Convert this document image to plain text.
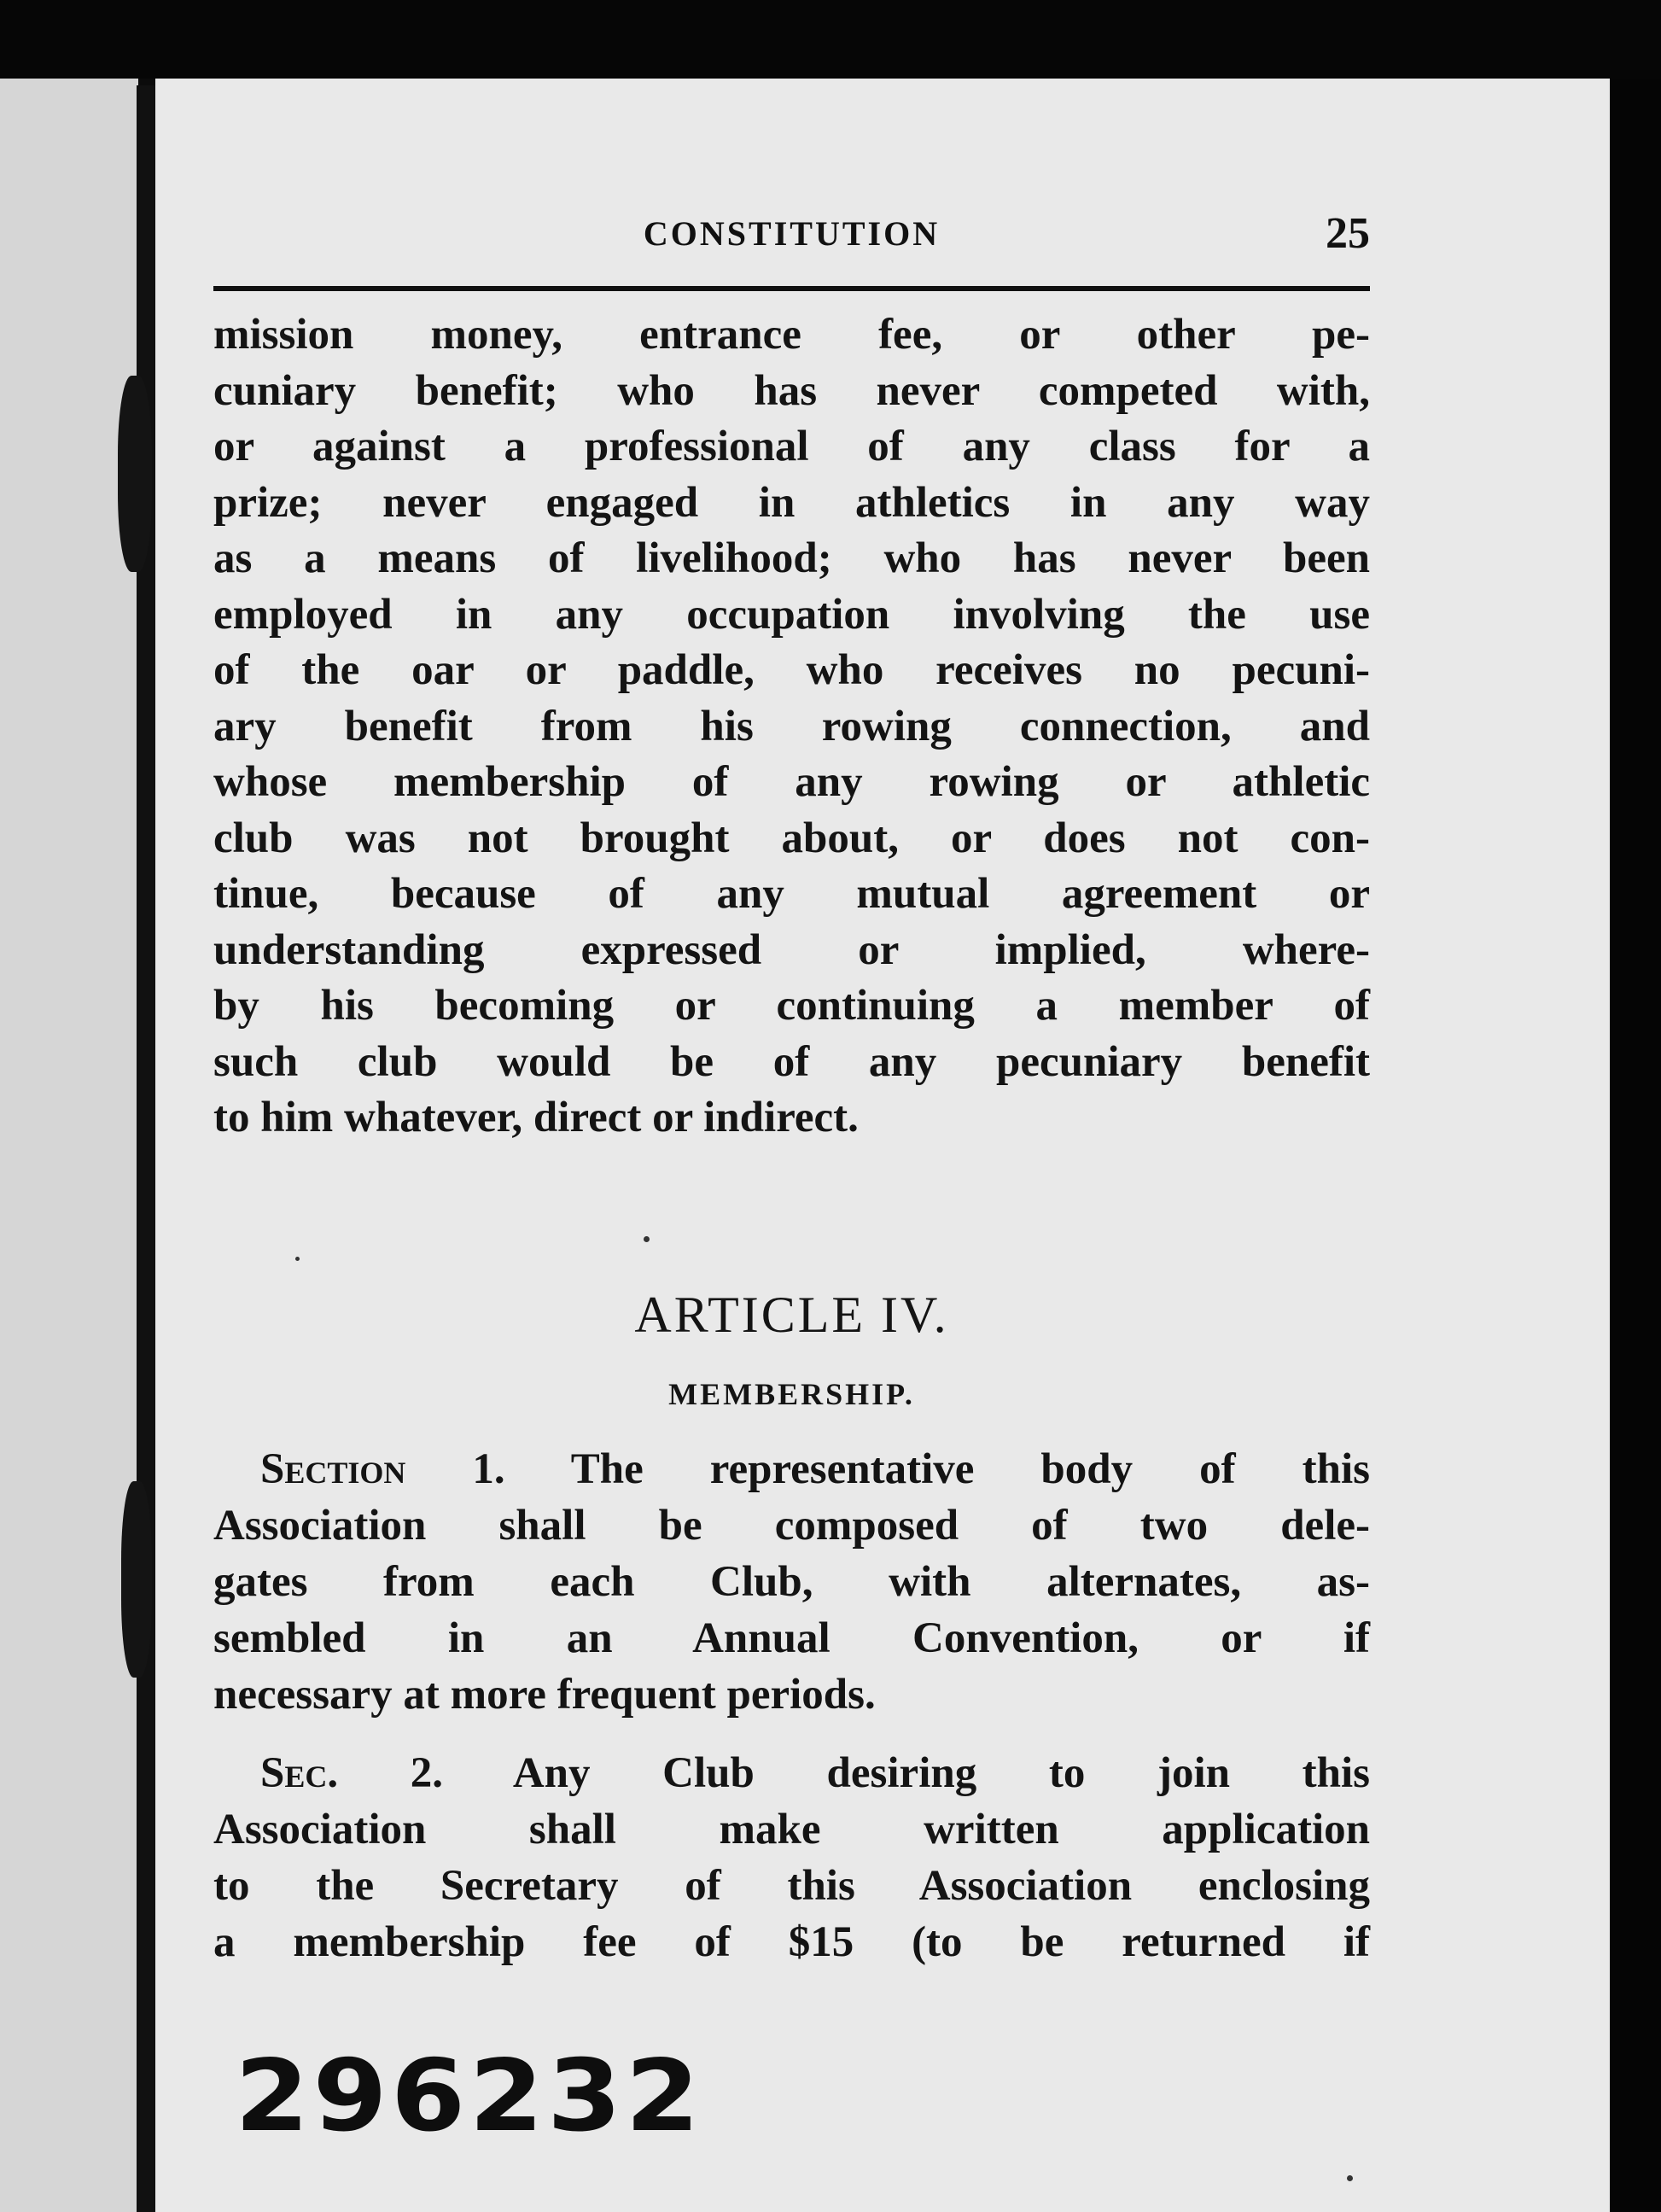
CONSTITUTION	25
mission money, entrance fee, or other pe-
cuniary benefit; who has never competed with,
or against a professional of any class for a
prize; never engaged in athletics in any way
as a means of livelihood; who has never been
employed in any occupation involving the use
of the oar or paddle, who receives no pecuni-
ary benefit from his rowing connection, and
whose membership of any rowing or athletic
club was not brought about, or does not con-
tinue, because of any mutual agreement or
understanding expressed or implied, where-
by his becoming or continuing a member of
such club would be of any pecuniary benefit
to him whatever, direct or indirect.
ARTICLE IV.
MEMBERSHIP.
Section 1. The representative body of this
Association shall be composed of two dele-
gates from each Club, with alternates, as-
sembled in an Annual Convention, or if
necessary at more frequent periods.
Sec. 2. Any Club desiring to join this
Association shall make written application
to the Secretary of this Association enclosing
a membership fee of $15 (to be returned if
296232
